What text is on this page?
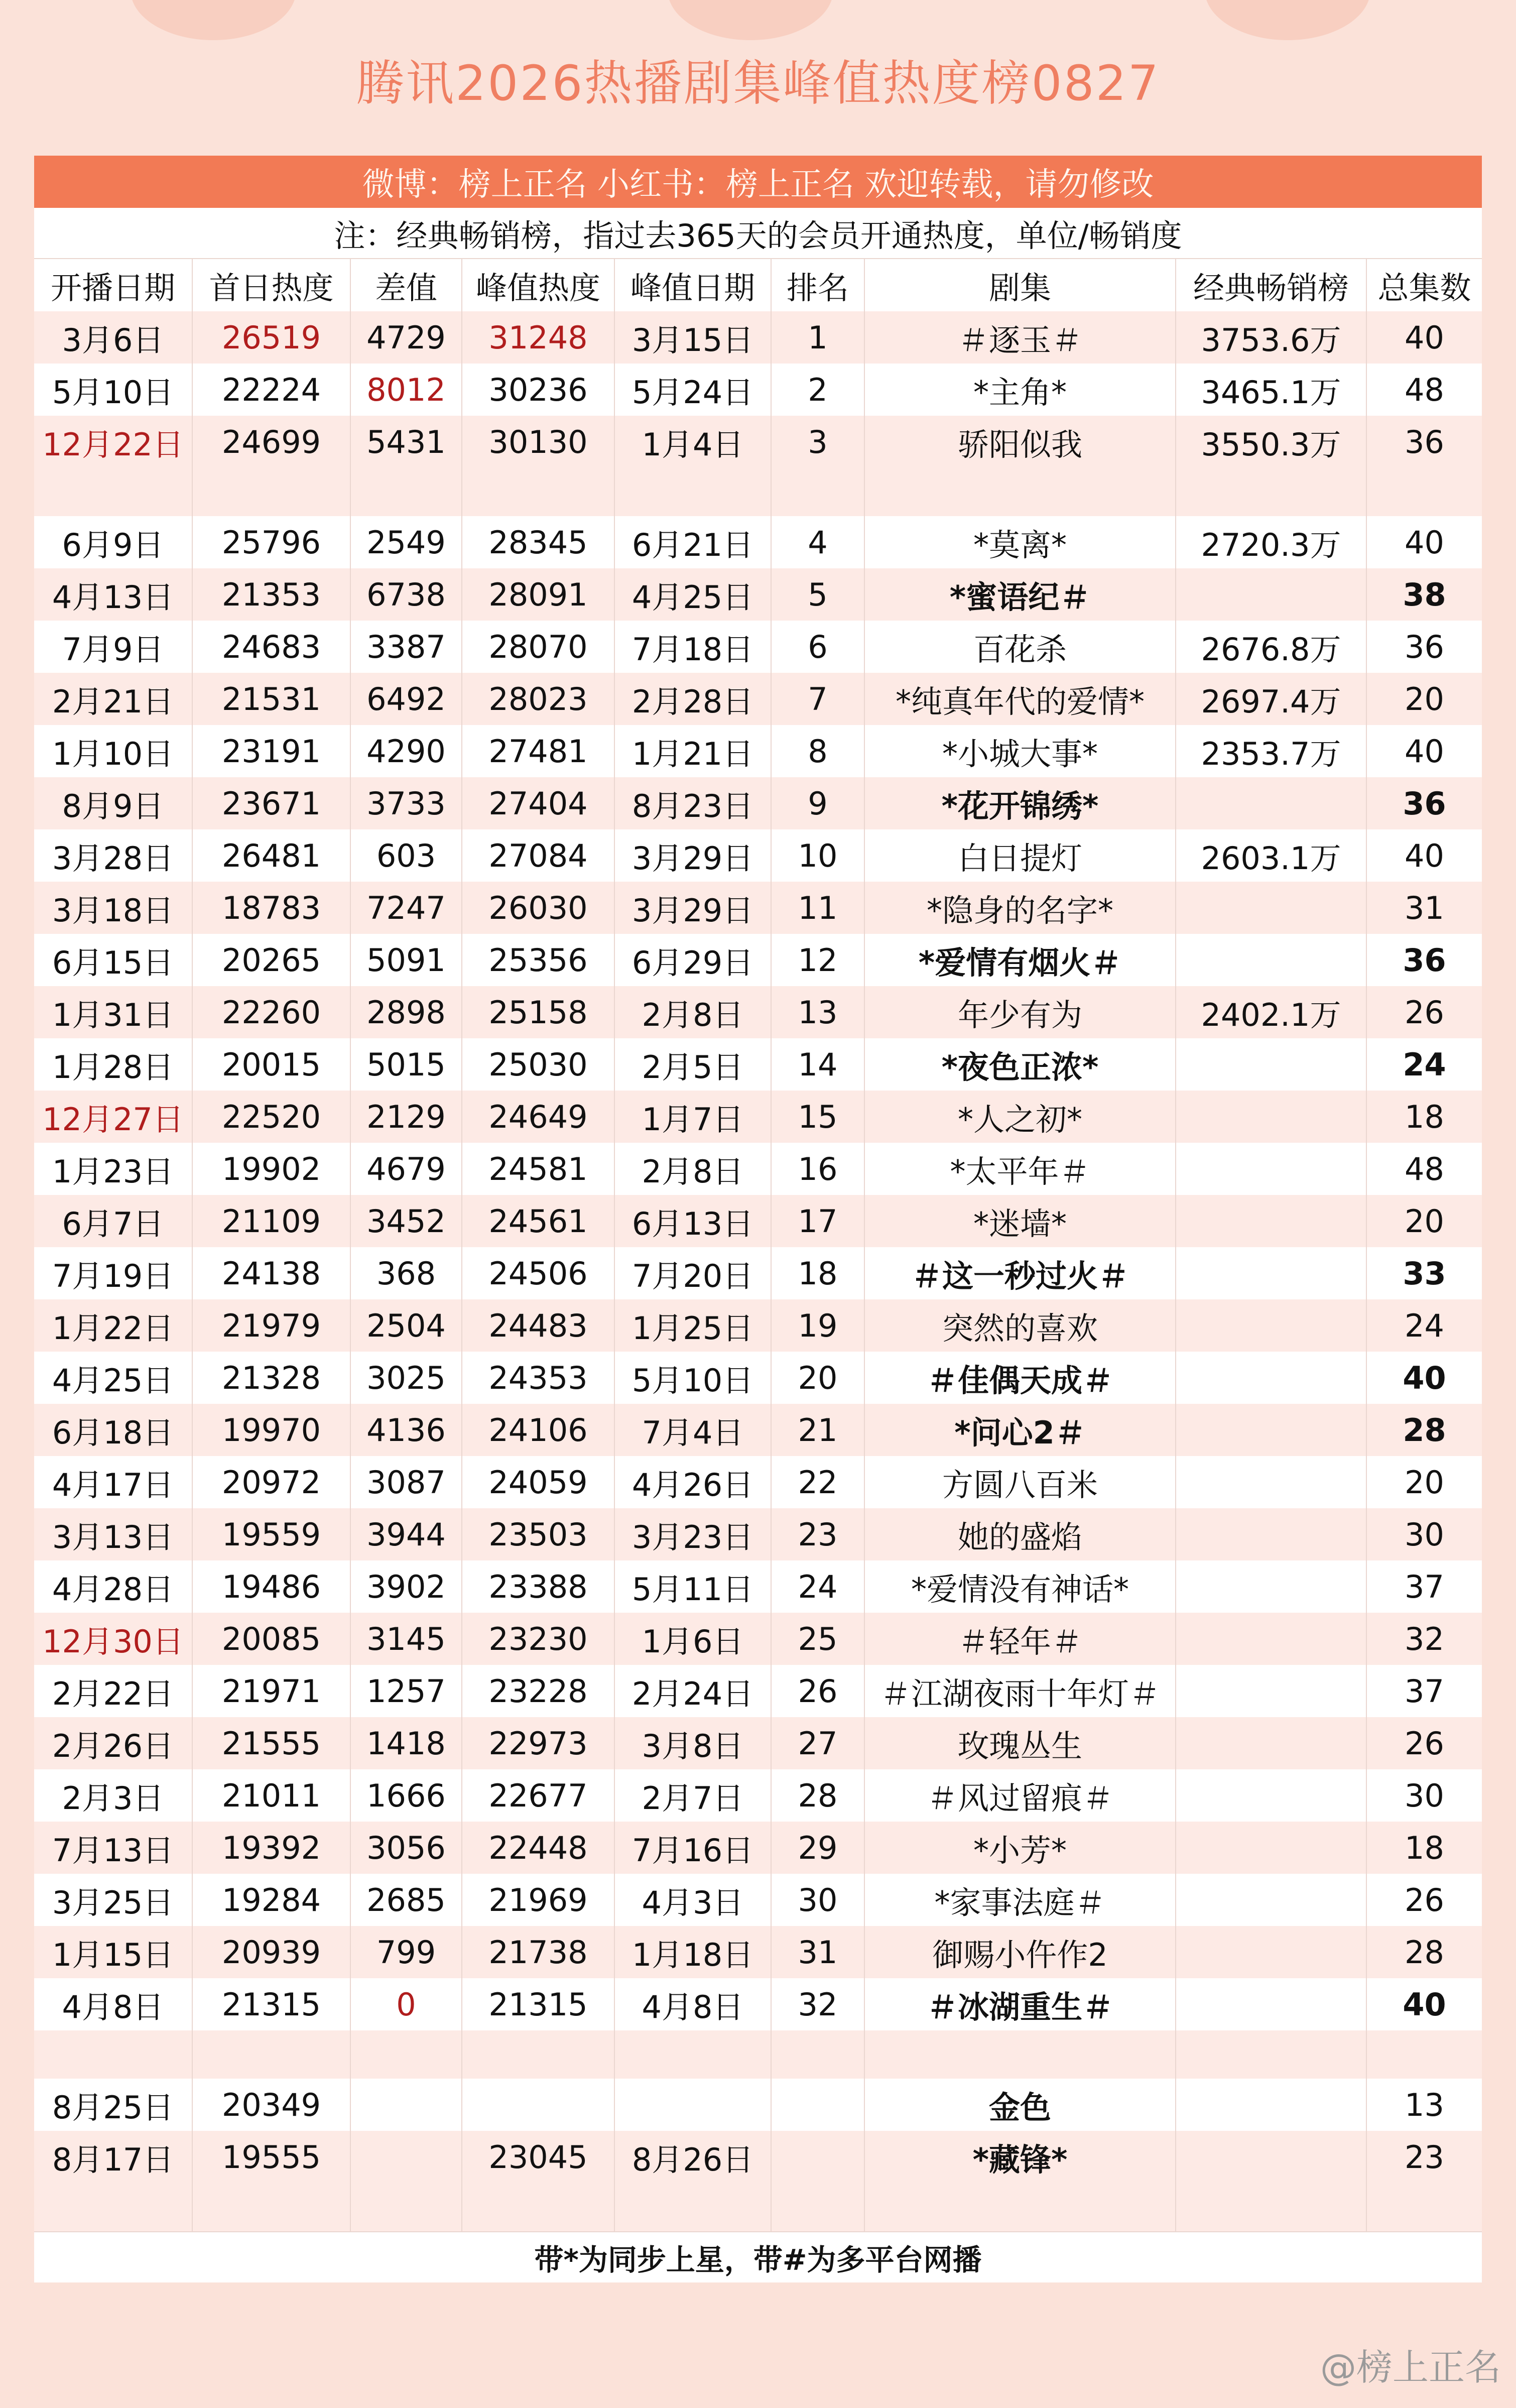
腾讯2026热播剧集峰值热度榜0827
微博：榜上正名 小红书：榜上正名 欢迎转载，请勿修改
注：经典畅销榜，指过去365天的会员开通热度，单位/畅销度
开播日期	首日热度	差值	峰值热度	峰值日期	排名	剧集	经典畅销榜	总集数
3月6日	26519	4729	31248	3月15日	1	＃逐玉＃	3753.6万	40
5月10日	22224	8012	30236	5月24日	2	*主角*	3465.1万	48
12月22日	24699	5431	30130	1月4日	3	骄阳似我	3550.3万	36

6月9日	25796	2549	28345	6月21日	4	*莫离*	2720.3万	40
4月13日	21353	6738	28091	4月25日	5	*蜜语纪＃		38
7月9日	24683	3387	28070	7月18日	6	百花杀	2676.8万	36
2月21日	21531	6492	28023	2月28日	7	*纯真年代的爱情*	2697.4万	20
1月10日	23191	4290	27481	1月21日	8	*小城大事*	2353.7万	40
8月9日	23671	3733	27404	8月23日	9	*花开锦绣*		36
3月28日	26481	603	27084	3月29日	10	白日提灯	2603.1万	40
3月18日	18783	7247	26030	3月29日	11	*隐身的名字*		31
6月15日	20265	5091	25356	6月29日	12	*爱情有烟火＃		36
1月31日	22260	2898	25158	2月8日	13	年少有为	2402.1万	26
1月28日	20015	5015	25030	2月5日	14	*夜色正浓*		24
12月27日	22520	2129	24649	1月7日	15	*人之初*		18
1月23日	19902	4679	24581	2月8日	16	*太平年＃		48
6月7日	21109	3452	24561	6月13日	17	*迷墙*		20
7月19日	24138	368	24506	7月20日	18	＃这一秒过火＃		33
1月22日	21979	2504	24483	1月25日	19	突然的喜欢		24
4月25日	21328	3025	24353	5月10日	20	＃佳偶天成＃		40
6月18日	19970	4136	24106	7月4日	21	*问心2＃		28
4月17日	20972	3087	24059	4月26日	22	方圆八百米		20
3月13日	19559	3944	23503	3月23日	23	她的盛焰		30
4月28日	19486	3902	23388	5月11日	24	*爱情没有神话*		37
12月30日	20085	3145	23230	1月6日	25	＃轻年＃		32
2月22日	21971	1257	23228	2月24日	26	＃江湖夜雨十年灯＃		37
2月26日	21555	1418	22973	3月8日	27	玫瑰丛生		26
2月3日	21011	1666	22677	2月7日	28	＃风过留痕＃		30
7月13日	19392	3056	22448	7月16日	29	*小芳*		18
3月25日	19284	2685	21969	4月3日	30	*家事法庭＃		26
1月15日	20939	799	21738	1月18日	31	御赐小仵作2		28
4月8日	21315	0	21315	4月8日	32	＃冰湖重生＃		40

8月25日	20349					金色		13
8月17日	19555		23045	8月26日		*藏锋*		23

带*为同步上星，带#为多平台网播
@榜上正名
